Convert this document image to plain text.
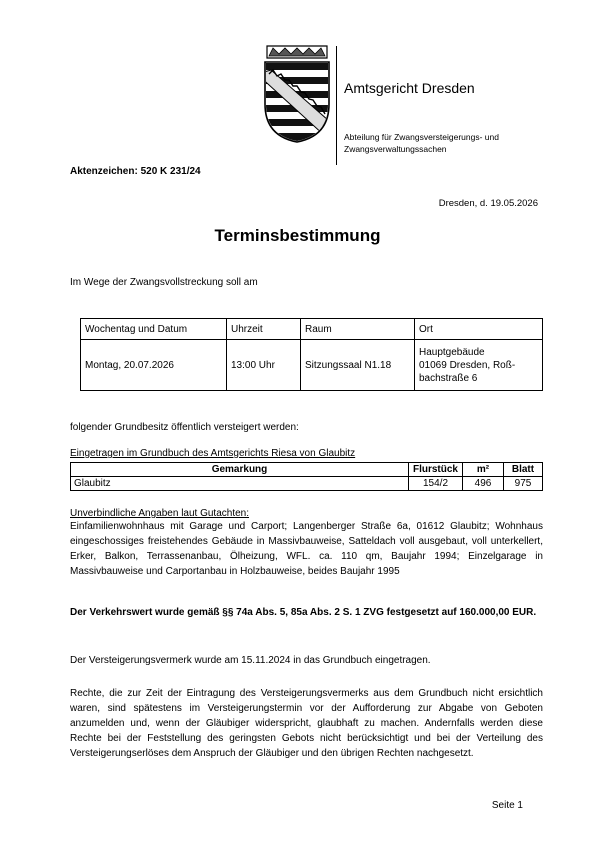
Amtsgericht Dresden
Abteilung für Zwangsversteigerungs- und Zwangsverwaltungssachen
Aktenzeichen: 520 K 231/24
Dresden, d. 19.05.2026
Terminsbestimmung
Im Wege der Zwangsvollstreckung soll am
Wochentag und Datum	Uhrzeit	Raum	Ort
Montag, 20.07.2026	13:00 Uhr	Sitzungssaal N1.18	Hauptgebäude
01069 Dresden, Roß-
bachstraße 6
folgender Grundbesitz öffentlich versteigert werden:
Eingetragen im Grundbuch des Amtsgerichts Riesa von Glaubitz
Gemarkung	Flurstück	m²	Blatt
Glaubitz	154/2	496	975
Unverbindliche Angaben laut Gutachten:
Einfamilienwohnhaus mit Garage und Carport; Langenberger Straße 6a, 01612 Glaubitz; Wohnhaus eingeschossiges freistehendes Gebäude in Massivbauweise, Satteldach voll ausgebaut, voll unterkellert, Erker, Balkon, Terrassenanbau, Ölheizung, WFL. ca. 110 qm, Baujahr 1994; Einzelgarage in Massivbauweise und Carportanbau in Holzbauweise, beides Baujahr 1995
Der Verkehrswert wurde gemäß §§ 74a Abs. 5, 85a Abs. 2 S. 1 ZVG festgesetzt auf 160.000,00 EUR.
Der Versteigerungsvermerk wurde am 15.11.2024 in das Grundbuch eingetragen.
Rechte, die zur Zeit der Eintragung des Versteigerungsvermerks aus dem Grundbuch nicht ersichtlich waren, sind spätestens im Versteigerungstermin vor der Aufforderung zur Abgabe von Geboten anzumelden und, wenn der Gläubiger widerspricht, glaubhaft zu machen. Andernfalls werden diese Rechte bei der Feststellung des geringsten Gebots nicht berücksichtigt und bei der Verteilung des Versteigerungserlöses dem Anspruch der Gläubiger und den übrigen Rechten nachgesetzt.
Seite 1
